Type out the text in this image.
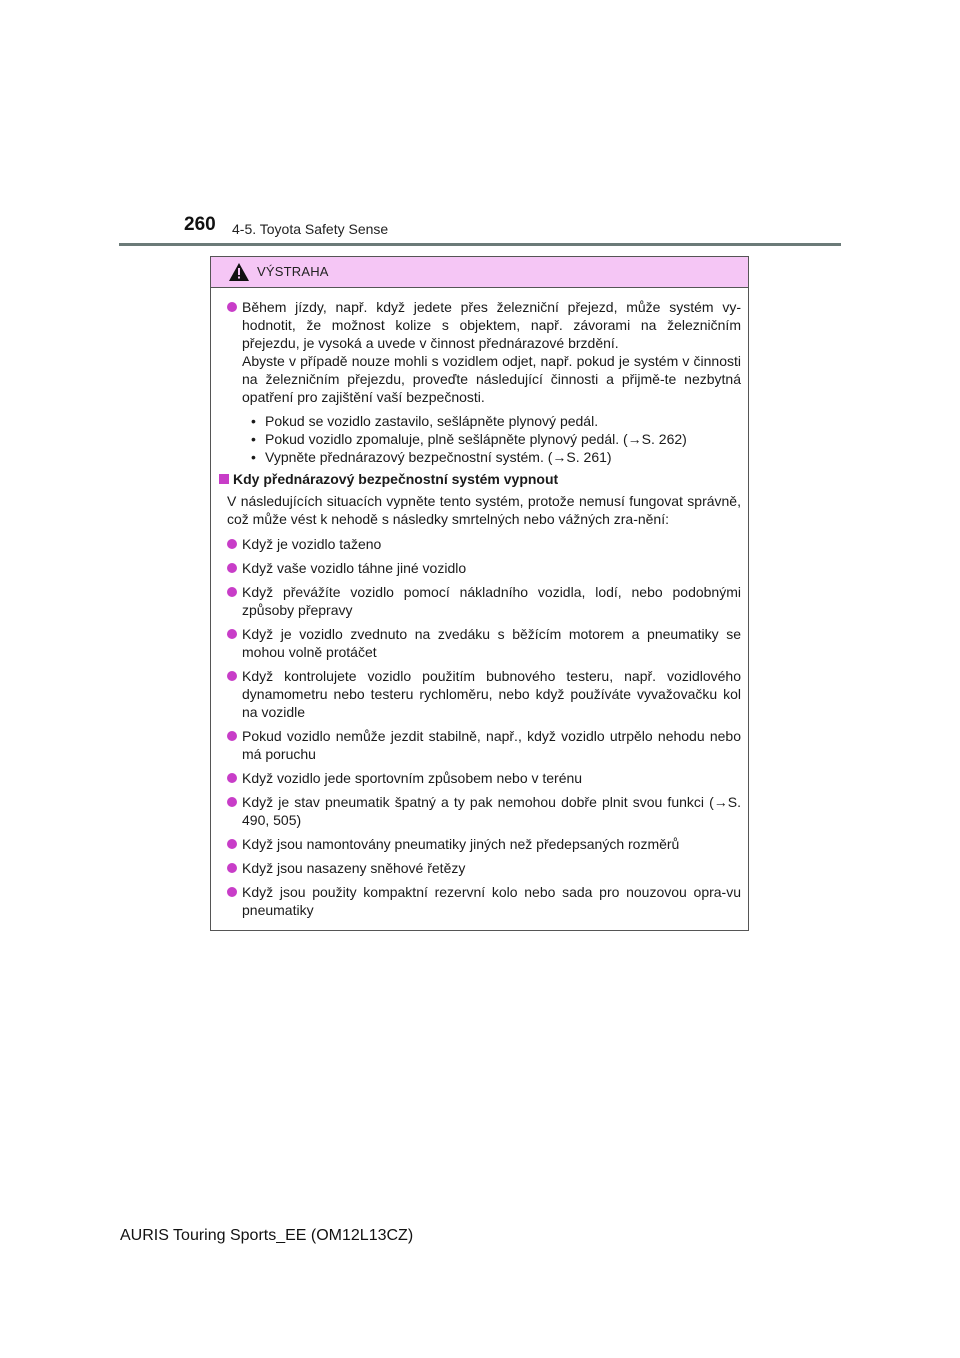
260 4-5. Toyota Safety Sense
VÝSTRAHA
Během jízdy, např. když jedete přes železniční přejezd, může systém vy-hodnotit, že možnost kolize s objektem, např. závorami na železničním přejezdu, je vysoká a uvede v činnost přednárazové brzdění.
Abyste v případě nouze mohli s vozidlem odjet, např. pokud je systém v činnosti na železničním přejezdu, proveďte následující činnosti a přijmě-te nezbytná opatření pro zajištění vaší bezpečnosti.
• Pokud se vozidlo zastavilo, sešlápněte plynový pedál.
• Pokud vozidlo zpomaluje, plně sešlápněte plynový pedál. (→S. 262)
• Vypněte přednárazový bezpečnostní systém. (→S. 261)
Kdy přednárazový bezpečnostní systém vypnout
V následujících situacích vypněte tento systém, protože nemusí fungovat správně, což může vést k nehodě s následky smrtelných nebo vážných zra-nění:
Když je vozidlo taženo
Když vaše vozidlo táhne jiné vozidlo
Když převážíte vozidlo pomocí nákladního vozidla, lodí, nebo podobnými způsoby přepravy
Když je vozidlo zvednuto na zvedáku s běžícím motorem a pneumatiky se mohou volně protáčet
Když kontrolujete vozidlo použitím bubnového testeru, např. vozidlového dynamometru nebo testeru rychloměru, nebo když používáte vyvažovačku kol na vozidle
Pokud vozidlo nemůže jezdit stabilně, např., když vozidlo utrpělo nehodu nebo má poruchu
Když vozidlo jede sportovním způsobem nebo v terénu
Když je stav pneumatik špatný a ty pak nemohou dobře plnit svou funkci (→S. 490, 505)
Když jsou namontovány pneumatiky jiných než předepsaných rozměrů
Když jsou nasazeny sněhové řetězy
Když jsou použity kompaktní rezervní kolo nebo sada pro nouzovou opra-vu pneumatiky
AURIS Touring Sports_EE (OM12L13CZ)
